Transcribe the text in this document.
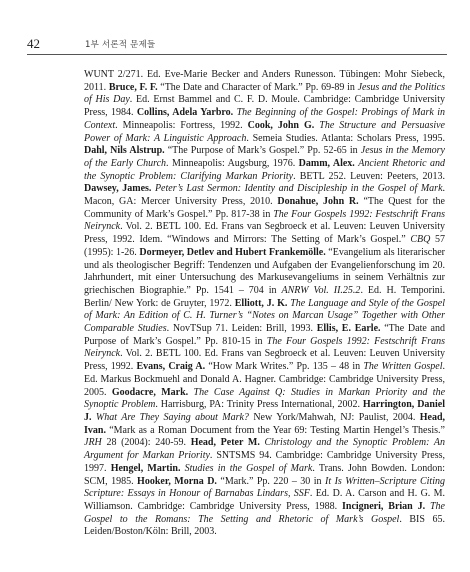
42	1부 서론적 문제들
WUNT 2/271. Ed. Eve-Marie Becker and Anders Runesson. Tübingen: Mohr Siebeck, 2011. Bruce, F. F. “The Date and Character of Mark.” Pp. 69-89 in Jesus and the Politics of His Day. Ed. Ernst Bammel and C. F. D. Moule. Cambridge: Cambridge University Press, 1984. Collins, Adela Yarbro. The Beginning of the Gospel: Probings of Mark in Context. Minneapolis: Fortress, 1992. Cook, John G. The Structure and Persuasive Power of Mark: A Linguistic Approach. Semeia Studies. Atlanta: Scholars Press, 1995. Dahl, Nils Alstrup. “The Purpose of Mark’s Gospel.” Pp. 52-65 in Jesus in the Memory of the Early Church. Minneapolis: Augsburg, 1976. Damm, Alex. Ancient Rhetoric and the Synoptic Problem: Clarifying Markan Priority. BETL 252. Leuven: Peeters, 2013. Dawsey, James. Peter’s Last Sermon: Identity and Discipleship in the Gospel of Mark. Macon, GA: Mercer University Press, 2010. Donahue, John R. “The Quest for the Community of Mark’s Gospel.” Pp. 817-38 in The Four Gospels 1992: Festschrift Frans Neirynck. Vol. 2. BETL 100. Ed. Frans van Segbroeck et al. Leuven: Leuven University Press, 1992. Idem. “Windows and Mirrors: The Setting of Mark’s Gospel.” CBQ 57 (1995): 1-26. Dormeyer, Detlev and Hubert Frankemölle. “Evangelium als literarischer und als theologischer Begriff: Tendenzen und Aufgaben der Evangelienforschung im 20. Jahrhundert, mit einer Untersuchung des Markusevangeliums in seinem Verhältnis zur griechischen Biographie.” Pp. 1541 – 704 in ANRW Vol. II.25.2. Ed. H. Temporini. Berlin/ New York: de Gruyter, 1972. Elliott, J. K. The Language and Style of the Gospel of Mark: An Edition of C. H. Turner’s “Notes on Marcan Usage” Together with Other Comparable Studies. NovTSup 71. Leiden: Brill, 1993. Ellis, E. Earle. “The Date and Purpose of Mark’s Gospel.” Pp. 810-15 in The Four Gospels 1992: Festschrift Frans Neirynck. Vol. 2. BETL 100. Ed. Frans van Segbroeck et al. Leuven: Leuven University Press, 1992. Evans, Craig A. “How Mark Writes.” Pp. 135 – 48 in The Written Gospel. Ed. Markus Bockmuehl and Donald A. Hagner. Cambridge: Cambridge University Press, 2005. Goodacre, Mark. The Case Against Q: Studies in Markan Priority and the Synoptic Problem. Harrisburg, PA: Trinity Press International, 2002. Harrington, Daniel J. What Are They Saying about Mark? New York/Mahwah, NJ: Paulist, 2004. Head, Ivan. “Mark as a Roman Document from the Year 69: Testing Martin Hengel’s Thesis.” JRH 28 (2004): 240-59. Head, Peter M. Christology and the Synoptic Problem: An Argument for Markan Priority. SNTSMS 94. Cambridge: Cambridge University Press, 1997. Hengel, Martin. Studies in the Gospel of Mark. Trans. John Bowden. London: SCM, 1985. Hooker, Morna D. “Mark.” Pp. 220 – 30 in It Is Written–Scripture Citing Scripture: Essays in Honour of Barnabas Lindars, SSF. Ed. D. A. Carson and H. G. M. Williamson. Cambridge: Cambridge University Press, 1988. Incigneri, Brian J. The Gospel to the Romans: The Setting and Rhetoric of Mark’s Gospel. BIS 65. Leiden/Boston/Köln: Brill, 2003.
